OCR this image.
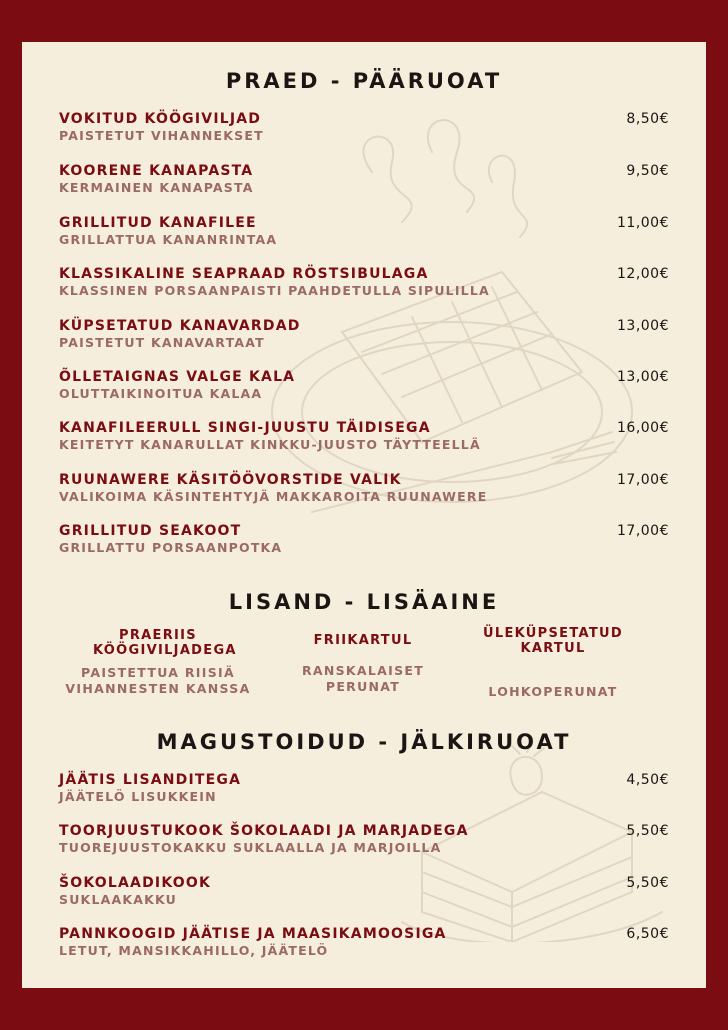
PRAED - PÄÄRUOAT
VOKITUD KÖÖGIVILJAD
PAISTETUT VIHANNEKSET
8,50€
KOORENE KANAPASTA
KERMAINEN KANAPASTA
9,50€
GRILLITUD KANAFILEE
GRILLATTUA KANANRINTAA
11,00€
KLASSIKALINE SEAPRAAD RÖSTSIBULAGA
KLASSINEN PORSAANPAISTI PAAHDETULLA SIPULILLA
12,00€
KÜPSETATUD KANAVARDAD
PAISTETUT KANAVARTAAT
13,00€
ÕLLETAIGNAS VALGE KALA
OLUTTAIKINOITUA KALAA
13,00€
KANAFILEERULL SINGI-JUUSTU TÄIDISEGA
KEITETYT KANARULLAT KINKKU-JUUSTO TÄYTTEELLÄ
16,00€
RUUNAWERE KÄSITÖÖVORSTIDE VALIK
VALIKOIMA KÄSINTEHTYJÄ MAKKAROITA RUUNAWERE
17,00€
GRILLITUD SEAKOOT
GRILLATTU PORSAANPOTKA
17,00€
LISAND - LISÄAINE
PRAERIIS KÖÖGIVILJADEGA
PAISTETTUA RIISIÄ VIHANNESTEN KANSSA
FRIIKARTUL
RANSKALAISET PERUNAT
ÜLEKÜPSETATUD KARTUL
LOHKOPERUNAT
MAGUSTOIDUD - JÄLKIRUOAT
JÄÄTIS LISANDITEGA
JÄÄTELÖ LISUKKEIN
4,50€
TOORJUUSTUKOOK ŠOKOLAADI JA MARJADEGA
TUOREJUUSTOKAKKU SUKLAALLA JA MARJOILLA
5,50€
ŠOKOLAADIKOOK
SUKLAAKAKKU
5,50€
PANNKOOGID JÄÄTISE JA MAASIKAMOOSIGA
LETUT, MANSIKKAHILLO, JÄÄTELÖ
6,50€
